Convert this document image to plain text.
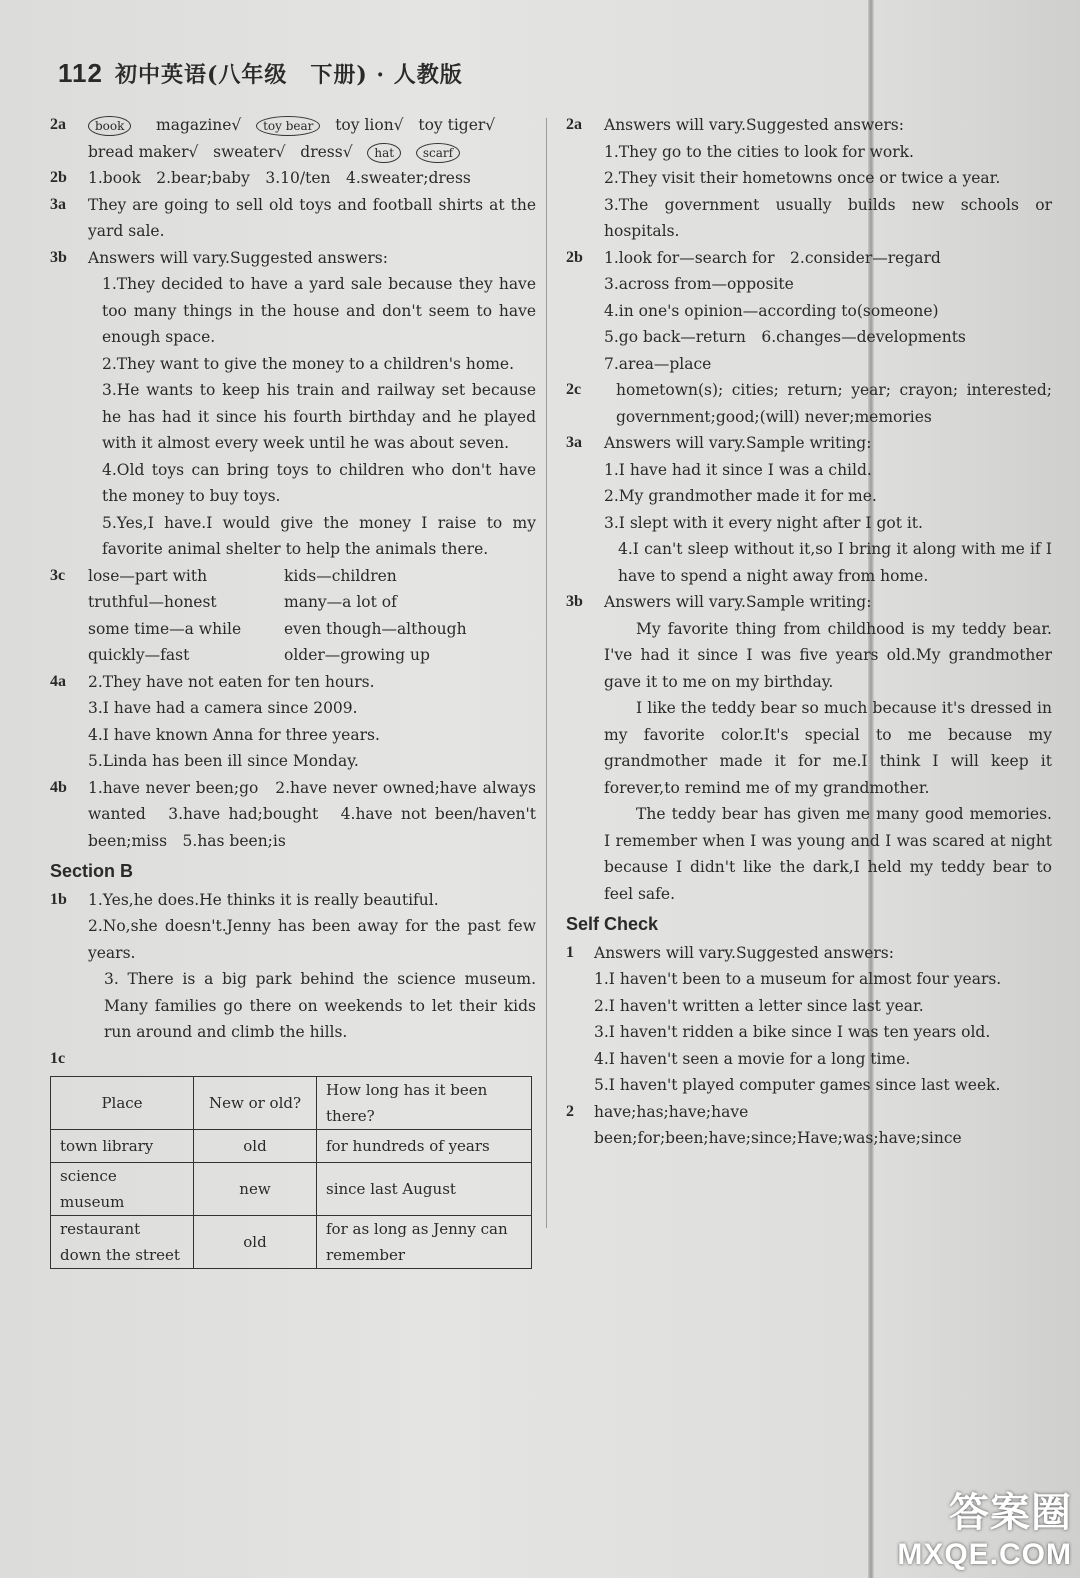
112 初中英语(八年级　下册) · 人教版
2a	book magazine√ toy bear toy lion√ toy tiger√
bread maker√ sweater√ dress√ hat scarf
2b	1.book　2.bear;baby　3.10/ten　4.sweater;dress
3a	They are going to sell old toys and football shirts at the yard sale.
3b	Answers will vary.Suggested answers:
1.They decided to have a yard sale because they have too many things in the house and don't seem to have enough space.
2.They want to give the money to a children's home.
3.He wants to keep his train and railway set because he has had it since his fourth birthday and he played with it almost every week until he was about seven.
4.Old toys can bring toys to children who don't have the money to buy toys.
5.Yes,I have.I would give the money I raise to my favorite animal shelter to help the animals there.
3c	lose—part with	kids—children
truthful—honest	many—a lot of
some time—a while	even though—although
quickly—fast	older—growing up
4a	2.They have not eaten for ten hours.
3.I have had a camera since 2009.
4.I have known Anna for three years.
5.Linda has been ill since Monday.
4b	1.have never been;go　2.have never owned;have always wanted　3.have had;bought　4.have not been/haven't been;miss　5.has been;is
Section B
1b	1.Yes,he does.He thinks it is really beautiful.
2.No,she doesn't.Jenny has been away for the past few years.
3. There is a big park behind the science museum. Many families go there on weekends to let their kids run around and climb the hills.
1c
Place	New or old?	How long has it been there?
town library	old	for hundreds of years
science museum	new	since last August
restaurant down the street	old	for as long as Jenny can remember
2a	Answers will vary.Suggested answers:
1.They go to the cities to look for work.
2.They visit their hometowns once or twice a year.
3.The government usually builds new schools or hospitals.
2b	1.look for—search for　2.consider—regard
3.across from—opposite
4.in one's opinion—according to(someone)
5.go back—return　6.changes—developments
7.area—place
2c	hometown(s); cities; return; year; crayon; interested; government;good;(will) never;memories
3a	Answers will vary.Sample writing:
1.I have had it since I was a child.
2.My grandmother made it for me.
3.I slept with it every night after I got it.
4.I can't sleep without it,so I bring it along with me if I have to spend a night away from home.
3b	Answers will vary.Sample writing:
My favorite thing from childhood is my teddy bear. I've had it since I was five years old.My grandmother gave it to me on my birthday.
I like the teddy bear so much because it's dressed in my favorite color.It's special to me because my grandmother made it for me.I think I will keep it forever,to remind me of my grandmother.
The teddy bear has given me many good memories. I remember when I was young and I was scared at night because I didn't like the dark,I held my teddy bear to feel safe.
Self Check
1	Answers will vary.Suggested answers:
1.I haven't been to a museum for almost four years.
2.I haven't written a letter since last year.
3.I haven't ridden a bike since I was ten years old.
4.I haven't seen a movie for a long time.
5.I haven't played computer games since last week.
2	have;has;have;have been;for;been;have;since;Have;was;have;since
答案圈
MXQE.COM
